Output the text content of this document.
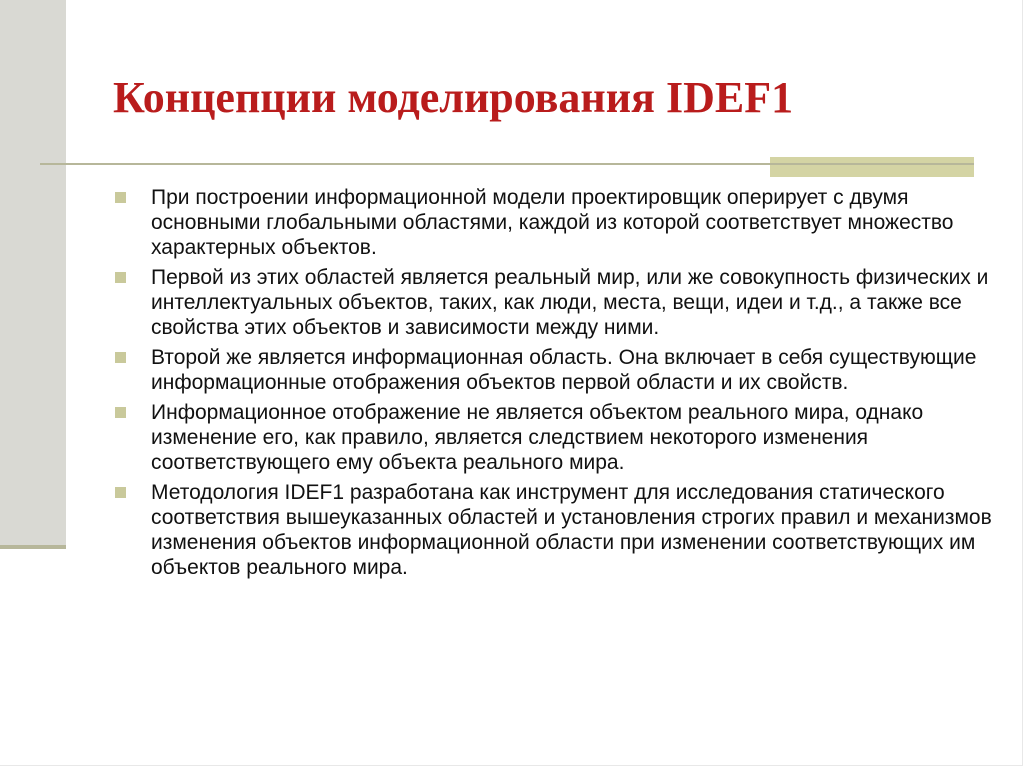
Концепции моделирования IDEF1
При построении информационной модели проектировщик оперирует с двумя основными глобальными областями, каждой из которой соответствует множество характерных объектов.
Первой из этих областей является реальный мир, или же совокупность физических и интеллектуальных объектов, таких, как люди, места, вещи, идеи и т.д., а также все свойства этих объектов и зависимости между ними.
Второй же является информационная область. Она включает в себя существующие информационные отображения объектов первой области и их свойств.
Информационное отображение не является объектом реального мира, однако изменение его, как правило, является следствием некоторого изменения соответствующего ему объекта реального мира.
Методология IDEF1 разработана как инструмент для исследования статического соответствия вышеуказанных областей и установления строгих правил и механизмов изменения объектов информационной области при изменении соответствующих им объектов реального мира.
